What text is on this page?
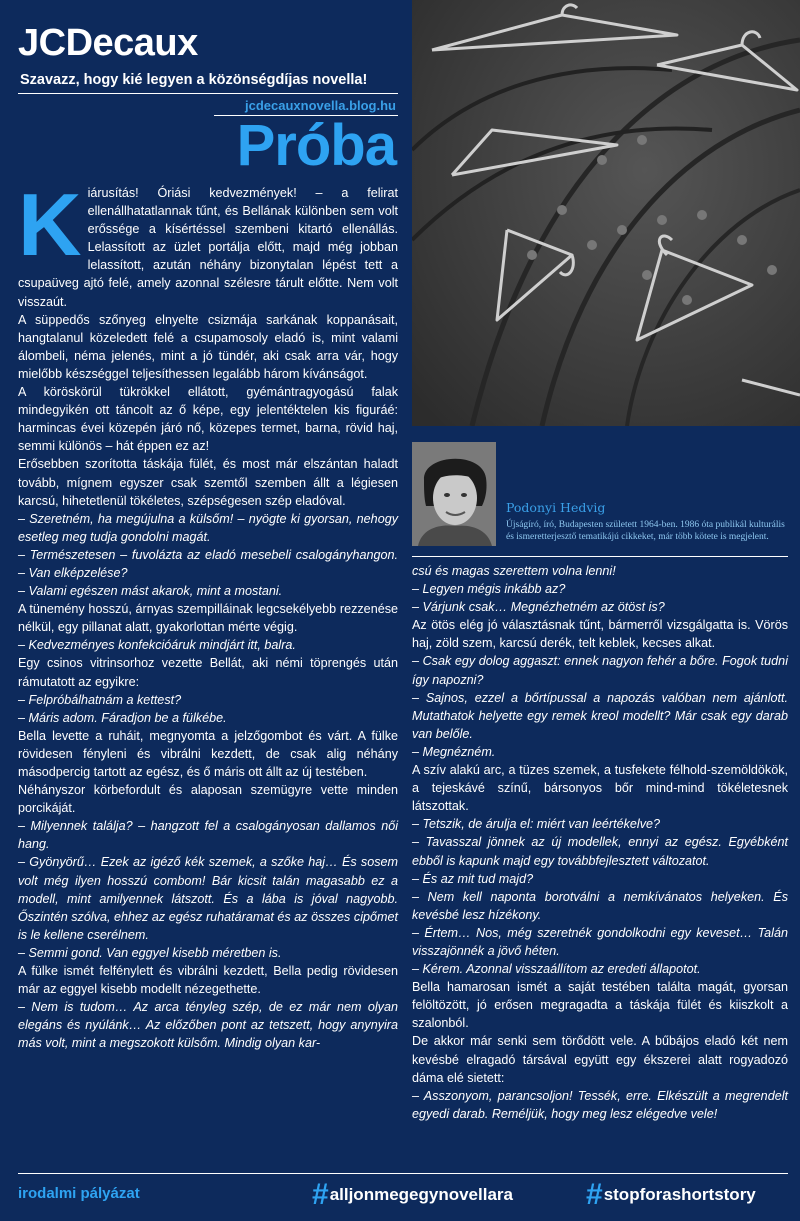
JCDecaux
Szavazz, hogy kié legyen a közönségdíjas novella!
jcdecauxnovella.blog.hu
Próba
Podonyi Hedvig
Újságíró, író, Budapesten született 1964-ben. 1986 óta publikál kulturális és ismeretterjesztő tematikájú cikkeket, már több kötete is megjelent.
K iárusítás! Óriási kedvezmények! – a felirat ellenállhatatlannak tűnt, és Bellának különben sem volt erőssége a kísértéssel szembeni kitartó ellenállás. Lelassított az üzlet portálja előtt, majd még jobban lelassított, azután néhány bizonytalan lépést tett a csupaüveg ajtó felé, amely azonnal szélesre tárult előtte. Nem volt visszaút.

A süppedős szőnyeg elnyelte csizmája sarkának koppanásait, hangtalanul közeledett felé a csupamosoly eladó is, mint valami álombeli, néma jelenés, mint a jó tündér, aki csak arra vár, hogy mielőbb készséggel teljesíthessen legalább három kívánságot.

A köröskörül tükrökkel ellátott, gyémántragyogású falak mindegyikén ott táncolt az ő képe, egy jelentéktelen kis figuráé: harmincas évei közepén járó nő, közepes termet, barna, rövid haj, semmi különös – hát éppen ez az!

Erősebben szorította táskája fülét, és most már elszántan haladt tovább, mígnem egyszer csak szemtől szemben állt a légiesen karcsú, hihetetlenül tökéletes, szépségesen szép eladóval.

– Szeretném, ha megújulna a külsőm! – nyögte ki gyorsan, nehogy esetleg meg tudja gondolni magát.

– Természetesen – fuvolázta az eladó mesebeli csalogányhangon. – Van elképzelése?

– Valami egészen mást akarok, mint a mostani.

A tünemény hosszú, árnyas szempilláinak legcsekélyebb rezzenése nélkül, egy pillanat alatt, gyakorlottan mérte végig.

– Kedvezményes konfekcióáruk mindjárt itt, balra.

Egy csinos vitrinsorhoz vezette Bellát, aki némi töprengés után rámutatott az egyikre:

– Felpróbálhatnám a kettest?

– Máris adom. Fáradjon be a fülkébe.

Bella levette a ruháit, megnyomta a jelzőgombot és várt. A fülke rövidesen fényleni és vibrálni kezdett, de csak alig néhány másodpercig tartott az egész, és ő máris ott állt az új testében.

Néhányszor körbefordult és alaposan szemügyre vette minden porcikáját.

– Milyennek találja? – hangzott fel a csalogányosan dallamos női hang.

– Gyönyörű… Ezek az igéző kék szemek, a szőke haj… És sosem volt még ilyen hosszú combom! Bár kicsit talán magasabb ez a modell, mint amilyennek látszott. És a lába is jóval nagyobb. Őszintén szólva, ehhez az egész ruhatáramat és az összes cipőmet is le kellene cserélnem.

– Semmi gond. Van eggyel kisebb méretben is.

A fülke ismét felfénylett és vibrálni kezdett, Bella pedig rövidesen már az eggyel kisebb modellt nézegethette.

– Nem is tudom… Az arca tényleg szép, de ez már nem olyan elegáns és nyúlánk… Az előzőben pont az tetszett, hogy anynyira más volt, mint a megszokott külsőm. Mindig olyan kar-

csú és magas szerettem volna lenni!

– Legyen mégis inkább az?

– Várjunk csak… Megnézhetném az ötöst is?

Az ötös elég jó választásnak tűnt, bármerről vizsgálgatta is. Vörös haj, zöld szem, karcsú derék, telt keblek, kecses alkat.

– Csak egy dolog aggaszt: ennek nagyon fehér a bőre. Fogok tudni így napozni?

– Sajnos, ezzel a bőrtípussal a napozás valóban nem ajánlott. Mutathatok helyette egy remek kreol modellt? Már csak egy darab van belőle.

– Megnézném.

A szív alakú arc, a tüzes szemek, a tusfekete félhold-szemöldökök, a tejeskávé színű, bársonyos bőr mind-mind tökéletesnek látszottak.

– Tetszik, de árulja el: miért van leértékelve?

– Tavasszal jönnek az új modellek, ennyi az egész. Egyébként ebből is kapunk majd egy továbbfejlesztett változatot.

– És az mit tud majd?

– Nem kell naponta borotválni a nemkívánatos helyeken. És kevésbé lesz hízékony.

– Értem… Nos, még szeretnék gondolkodni egy keveset… Talán visszajönnék a jövő héten.

– Kérem. Azonnal visszaállítom az eredeti állapotot.

Bella hamarosan ismét a saját testében találta magát, gyorsan felöltözött, jó erősen megragadta a táskája fülét és kiiszkolt a szalonból.

De akkor már senki sem törődött vele. A bűbájos eladó két nem kevésbé elragadó társával együtt egy ékszerei alatt rogyadozó dáma elé sietett:

– Asszonyom, parancsoljon! Tessék, erre. Elkészült a megrendelt egyedi darab. Reméljük, hogy meg lesz elégedve vele!

irodalmi pályázat	#alljonmegegynovellara #stopforashortstory
